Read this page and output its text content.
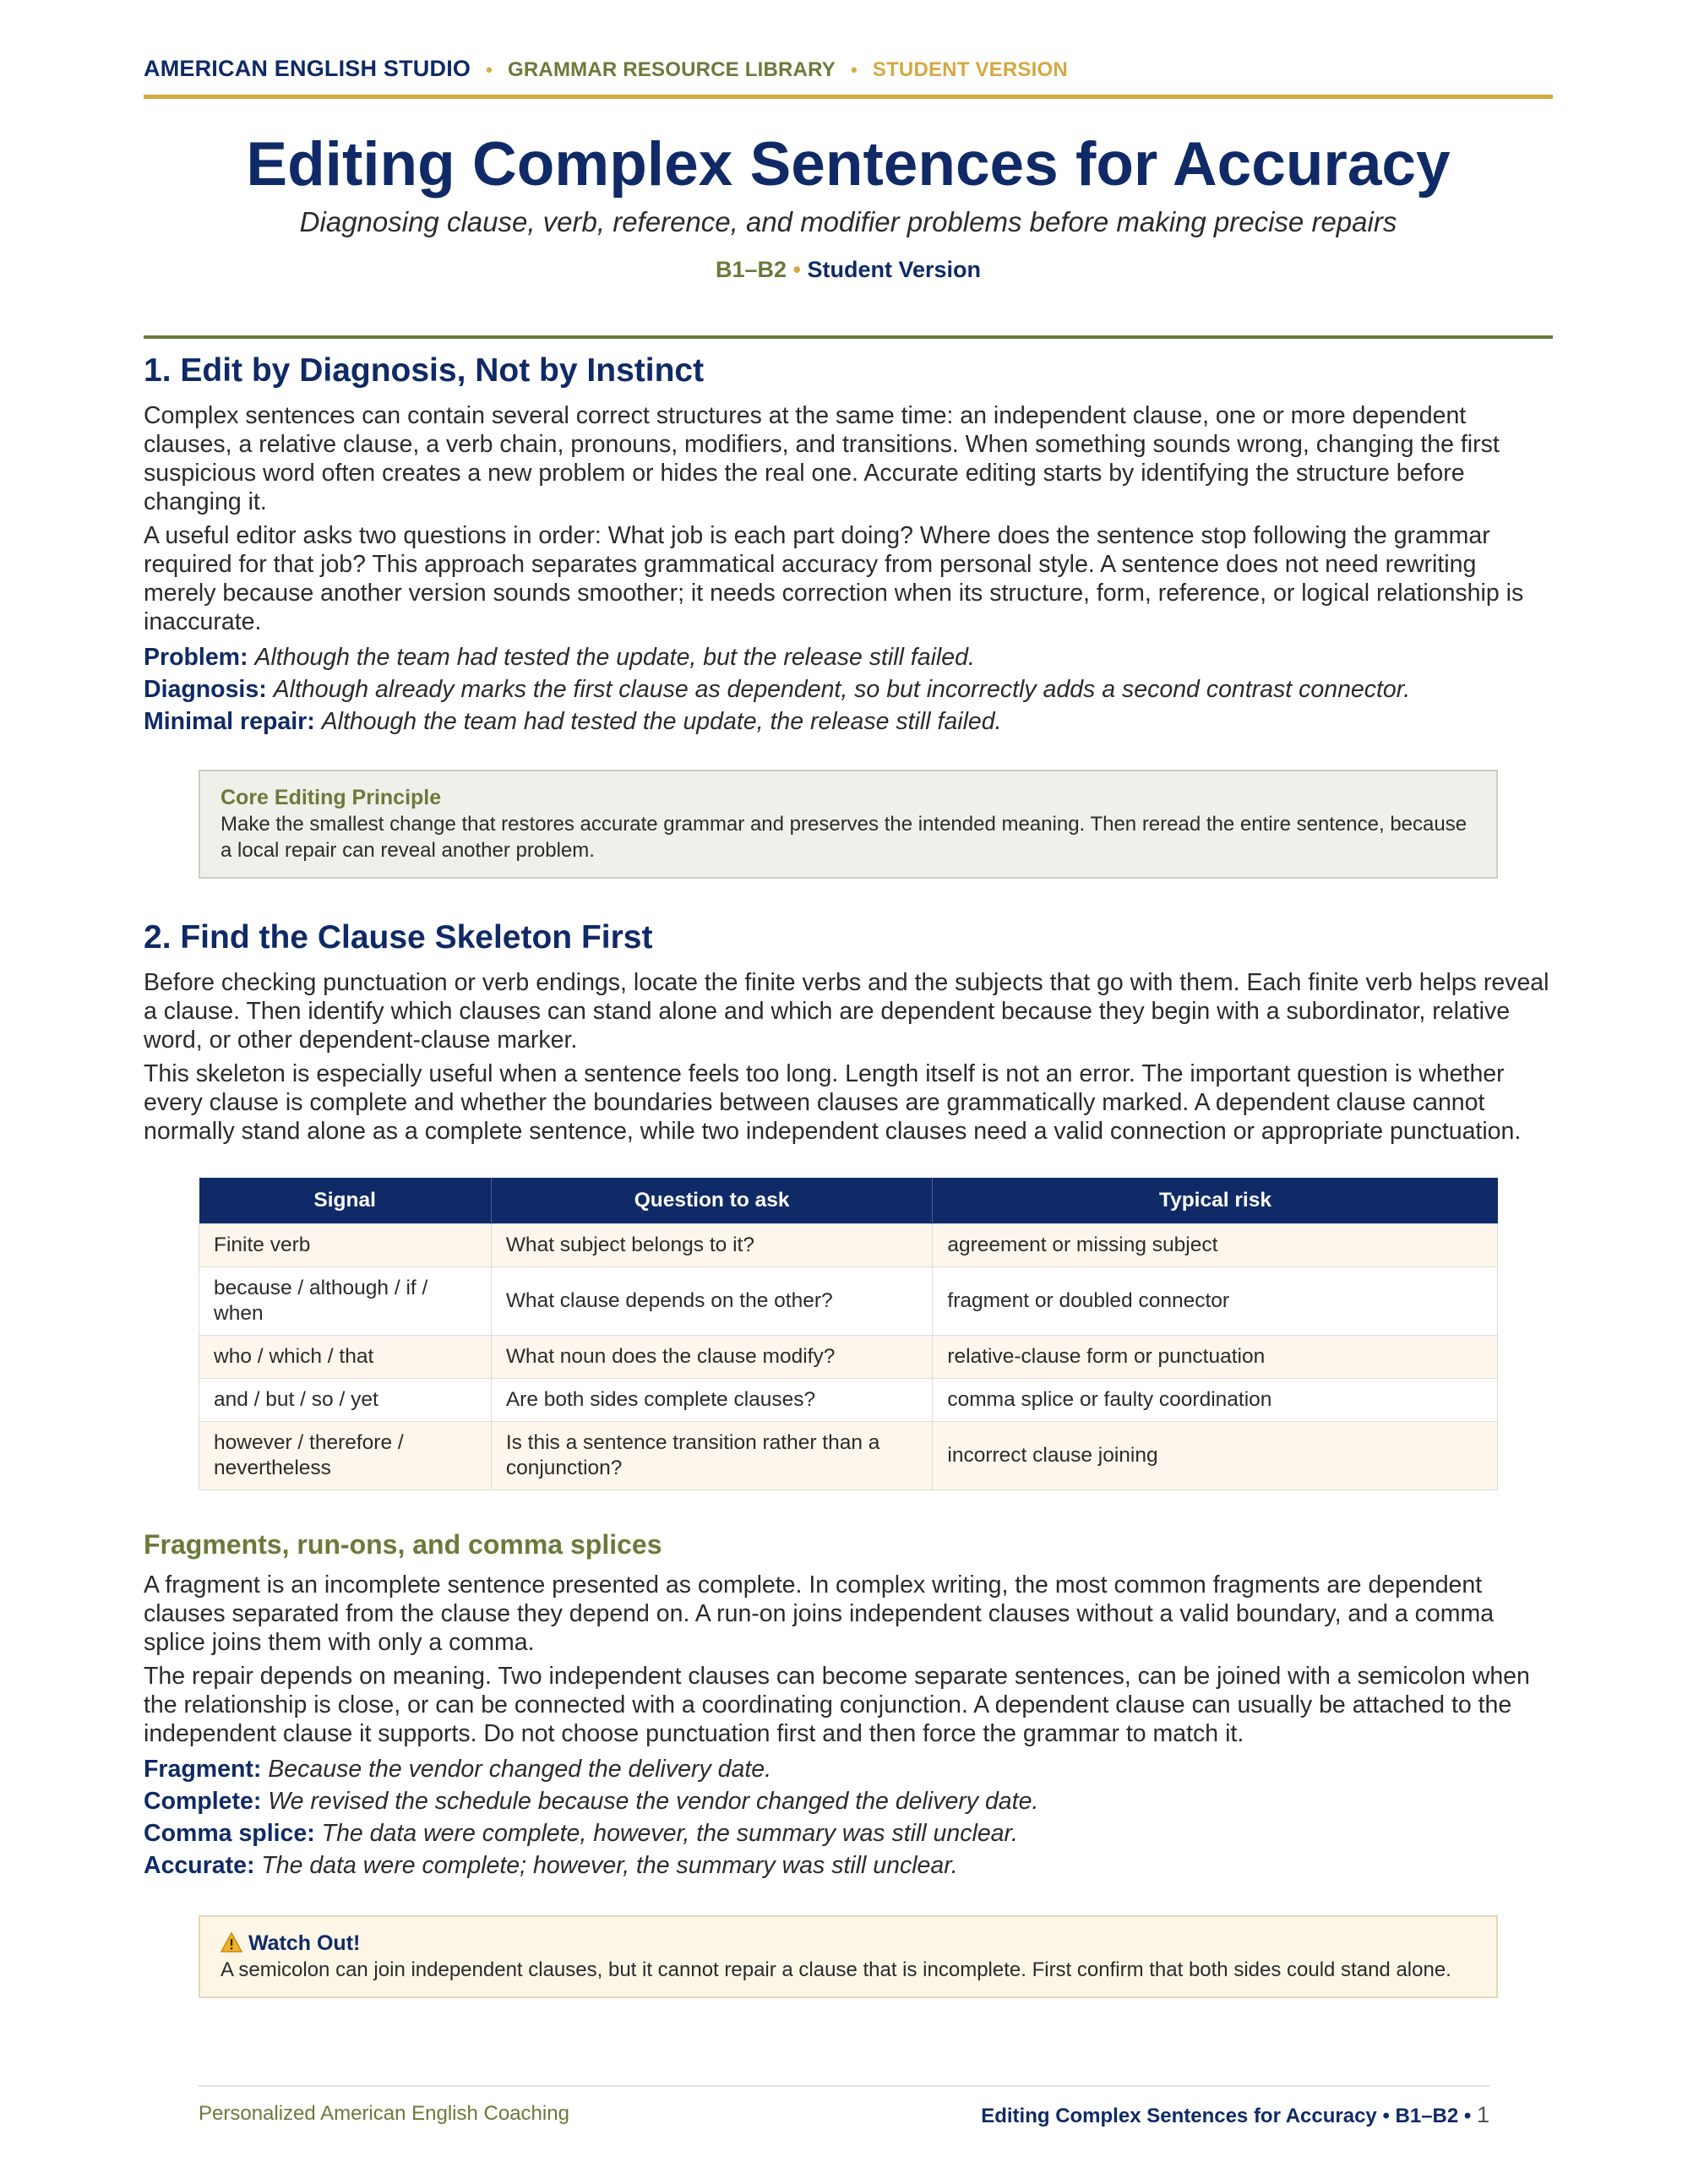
AMERICAN ENGLISH STUDIO • GRAMMAR RESOURCE LIBRARY • STUDENT VERSION
Editing Complex Sentences for Accuracy
Diagnosing clause, verb, reference, and modifier problems before making precise repairs
B1–B2 • Student Version
1. Edit by Diagnosis, Not by Instinct

Complex sentences can contain several correct structures at the same time: an independent clause, one or more dependent clauses, a relative clause, a verb chain, pronouns, modifiers, and transitions. When something sounds wrong, changing the first suspicious word often creates a new problem or hides the real one. Accurate editing starts by identifying the structure before changing it.

A useful editor asks two questions in order: What job is each part doing? Where does the sentence stop following the grammar required for that job? This approach separates grammatical accuracy from personal style. A sentence does not need rewriting merely because another version sounds smoother; it needs correction when its structure, form, reference, or logical relationship is inaccurate.

Problem: Although the team had tested the update, but the release still failed.
Diagnosis: Although already marks the first clause as dependent, so but incorrectly adds a second contrast connector.
Minimal repair: Although the team had tested the update, the release still failed.
Core Editing Principle
Make the smallest change that restores accurate grammar and preserves the intended meaning. Then reread the entire sentence, because a local repair can reveal another problem.
2. Find the Clause Skeleton First

Before checking punctuation or verb endings, locate the finite verbs and the subjects that go with them. Each finite verb helps reveal a clause. Then identify which clauses can stand alone and which are dependent because they begin with a subordinator, relative word, or other dependent-clause marker.

This skeleton is especially useful when a sentence feels too long. Length itself is not an error. The important question is whether every clause is complete and whether the boundaries between clauses are grammatically marked. A dependent clause cannot normally stand alone as a complete sentence, while two independent clauses need a valid connection or appropriate punctuation.

Signal	Question to ask	Typical risk
Finite verb	What subject belongs to it?	agreement or missing subject
because / although / if / when	What clause depends on the other?	fragment or doubled connector
who / which / that	What noun does the clause modify?	relative-clause form or punctuation
and / but / so / yet	Are both sides complete clauses?	comma splice or faulty coordination
however / therefore / nevertheless	Is this a sentence transition rather than a conjunction?	incorrect clause joining
Fragments, run-ons, and comma splices

A fragment is an incomplete sentence presented as complete. In complex writing, the most common fragments are dependent clauses separated from the clause they depend on. A run-on joins independent clauses without a valid boundary, and a comma splice joins them with only a comma.

The repair depends on meaning. Two independent clauses can become separate sentences, can be joined with a semicolon when the relationship is close, or can be connected with a coordinating conjunction. A dependent clause can usually be attached to the independent clause it supports. Do not choose punctuation first and then force the grammar to match it.

Fragment: Because the vendor changed the delivery date.
Complete: We revised the schedule because the vendor changed the delivery date.
Comma splice: The data were complete, however, the summary was still unclear.
Accurate: The data were complete; however, the summary was still unclear.
Watch Out!
A semicolon can join independent clauses, but it cannot repair a clause that is incomplete. First confirm that both sides could stand alone.
Personalized American English Coaching	Editing Complex Sentences for Accuracy • B1–B2 • 1
